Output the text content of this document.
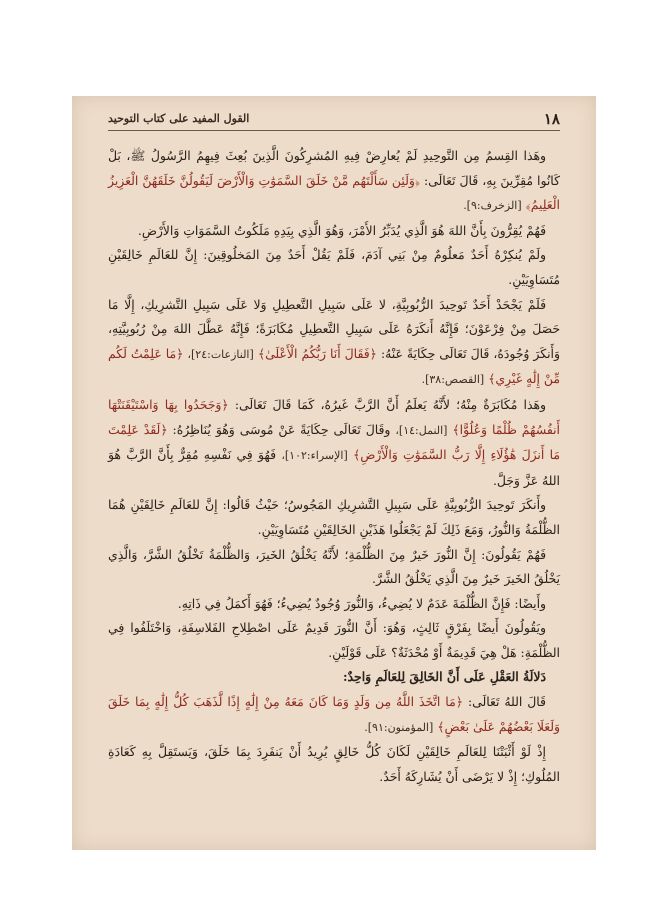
١٨
القول المفيد على كتاب التوحيد

وهَذا القِسمُ مِن التَّوحِيدِ لَمْ يُعارِضْ فِيهِ المُشرِكُونَ الَّذِينَ بُعِثَ فِيهِمُ الرَّسُولُ ﷺ، بَلْ كَانُوا مُقِرِّينَ بِهِ، قَالَ تَعَالَى: ﴿وَلَئِن سَأَلْتَهُم مَّنْ خَلَقَ السَّمَوَٰتِ وَالْأَرْضَ لَيَقُولُنَّ خَلَقَهُنَّ الْعَزِيزُ الْعَلِيمُ﴾ [الزخرف:٩].

فَهُمْ يُقِرُّونَ بِأَنَّ اللهَ هُوَ الَّذِي يُدَبِّرُ الأَمْرَ، وَهُوَ الَّذِي بِيَدِهِ مَلَكُوتُ السَّمَوَاتِ وَالأَرْضِ.

ولَمْ يُنكِرْهُ أَحَدٌ مَعلُومٌ مِنْ بَنِي آدَمَ، فَلَمْ يَقُلْ أَحَدٌ مِنَ المَخلُوقِينَ: إِنَّ للعَالَمِ خَالِقَيْنِ مُتَسَاوِيَيْنِ.

فَلَمْ يَجْحَدْ أَحَدٌ تَوحِيدَ الرُّبُوبِيَّةِ، لا عَلَى سَبِيلِ التَّعطِيلِ وَلا عَلَى سَبِيلِ التَّشرِيكِ، إِلَّا مَا حَصَلَ مِنْ فِرْعَوْنَ؛ فَإِنَّهُ أَنكَرَهُ عَلَى سَبِيلِ التَّعطِيلِ مُكَابَرَةً؛ فَإِنَّهُ عَطَّلَ اللهَ مِنْ رُبُوبِيَّتِهِ، وَأَنكَرَ وُجُودَهُ، قَالَ تَعَالَى حِكَايَةً عَنْهُ: ﴿فَقَالَ أَنَا رَبُّكُمُ الْأَعْلَىٰ﴾ [النازعات:٢٤]، ﴿مَا عَلِمْتُ لَكُم مِّنْ إِلَٰهٍ غَيْرِي﴾ [القصص:٣٨].

وهَذا مُكَابَرَةٌ مِنْهُ؛ لأَنَّهُ يَعلَمُ أَنَّ الرَّبَّ غَيرُهُ، كَمَا قَالَ تَعَالَى: ﴿وَجَحَدُوا بِهَا وَاسْتَيْقَنَتْهَا أَنفُسُهُمْ ظُلْمًا وَعُلُوًّا﴾ [النمل:١٤]، وقَالَ تَعَالَى حِكَايَةً عَنْ مُوسَى وَهُوَ يُنَاظِرُهُ: ﴿لَقَدْ عَلِمْتَ مَا أَنزَلَ هَٰؤُلَاءِ إِلَّا رَبُّ السَّمَوَٰتِ وَالْأَرْضِ﴾ [الإسراء:١٠٢]، فَهُوَ فِي نَفْسِهِ مُقِرٌّ بِأَنَّ الرَّبَّ هُوَ اللهُ عَزَّ وَجَلَّ.

وأَنكَرَ تَوحِيدَ الرُّبُوبِيَّةِ عَلَى سَبِيلِ التَّشرِيكِ المَجُوسُ؛ حَيْثُ قَالُوا: إِنَّ للعَالَمِ خَالِقَيْنِ هُمَا الظُّلْمَةُ وَالنُّورُ، وَمَعَ ذَلِكَ لَمْ يَجْعَلُوا هَذَيْنِ الخَالِقَيْنِ مُتَسَاوِيَيْنِ.

فَهُمْ يَقُولُونَ: إِنَّ النُّورَ خَيرٌ مِنَ الظُّلْمَةِ؛ لأَنَّهُ يَخْلُقُ الخَيرَ، وَالظُّلْمَةُ تَخْلُقُ الشَّرَّ، وَالَّذِي يَخْلُقُ الخَيرَ خَيرٌ مِنَ الَّذِي يَخْلُقُ الشَّرَّ.

وأَيضًا: فَإِنَّ الظُّلْمَةَ عَدَمٌ لا يُضِيءُ، وَالنُّورَ وُجُودٌ يُضِيءُ؛ فَهُوَ أَكمَلُ فِي ذَاتِهِ.

ويَقُولُونَ أَيضًا بِفَرْقٍ ثَالِثٍ، وَهُوَ: أَنَّ النُّورَ قَدِيمٌ عَلَى اصْطِلاحِ الفَلاسِفَةِ، وَاخْتَلَفُوا فِي الظُّلْمَةِ: هَلْ هِيَ قَدِيمَةٌ أَوْ مُحْدَثَةٌ؟ عَلَى قَوْلَيْنِ.

دَلالَةُ العَقْلِ عَلَى أَنَّ الخَالِقَ لِلعَالَمِ وَاحِدٌ:

قَالَ اللهُ تَعَالَى: ﴿مَا اتَّخَذَ اللَّهُ مِن وَلَدٍ وَمَا كَانَ مَعَهُ مِنْ إِلَٰهٍ إِذًا لَّذَهَبَ كُلُّ إِلَٰهٍ بِمَا خَلَقَ وَلَعَلَا بَعْضُهُمْ عَلَىٰ بَعْضٍ﴾ [المؤمنون:٩١].

إِذْ لَوْ أَثْبَتْنَا لِلعَالَمِ خَالِقَيْنِ لَكَانَ كُلُّ خَالِقٍ يُرِيدُ أَنْ يَنفَرِدَ بِمَا خَلَقَ، وَيَستَقِلَّ بِهِ كَعَادَةِ المُلُوكِ؛ إِذْ لا يَرْضَى أَنْ يُشَارِكَهُ أَحَدٌ.
